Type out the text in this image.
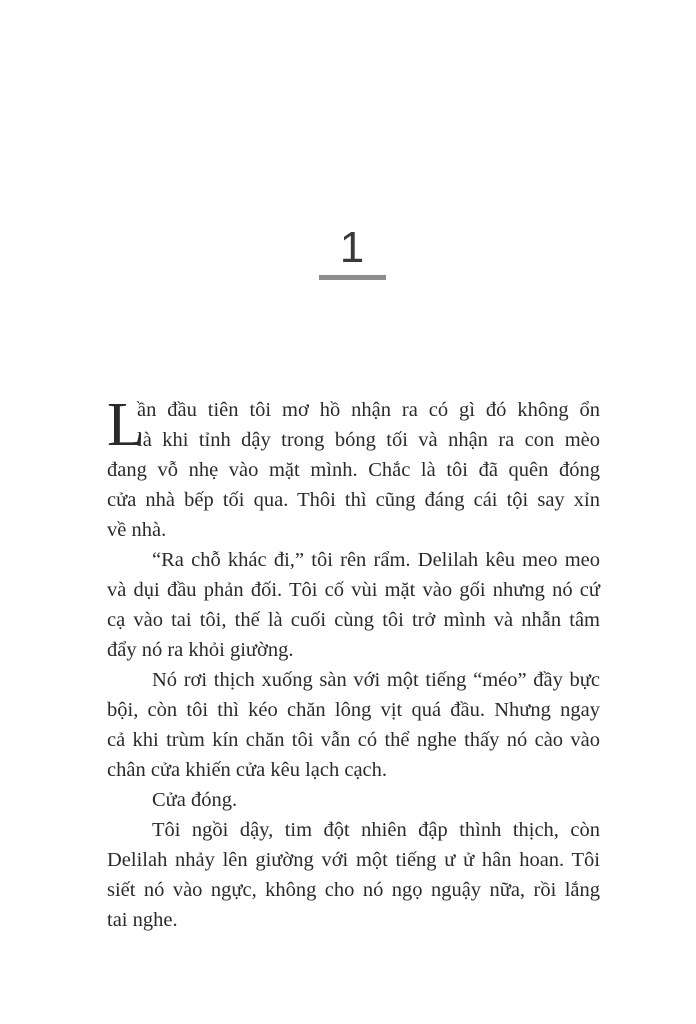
1

L
ần đầu tiên tôi mơ hồ nhận ra có gì đó không ổn
là khi tỉnh dậy trong bóng tối và nhận ra con mèo
đang vỗ nhẹ vào mặt mình. Chắc là tôi đã quên đóng
cửa nhà bếp tối qua. Thôi thì cũng đáng cái tội say xỉn
về nhà.

“Ra chỗ khác đi,” tôi rên rẩm. Delilah kêu meo meo
và dụi đầu phản đối. Tôi cố vùi mặt vào gối nhưng nó cứ
cạ vào tai tôi, thế là cuối cùng tôi trở mình và nhẫn tâm
đẩy nó ra khỏi giường.

Nó rơi thịch xuống sàn với một tiếng “méo” đầy bực
bội, còn tôi thì kéo chăn lông vịt quá đầu. Nhưng ngay
cả khi trùm kín chăn tôi vẫn có thể nghe thấy nó cào vào
chân cửa khiến cửa kêu lạch cạch.

Cửa đóng.

Tôi ngồi dậy, tim đột nhiên đập thình thịch, còn
Delilah nhảy lên giường với một tiếng ư ử hân hoan. Tôi
siết nó vào ngực, không cho nó ngọ nguậy nữa, rồi lắng
tai nghe.
